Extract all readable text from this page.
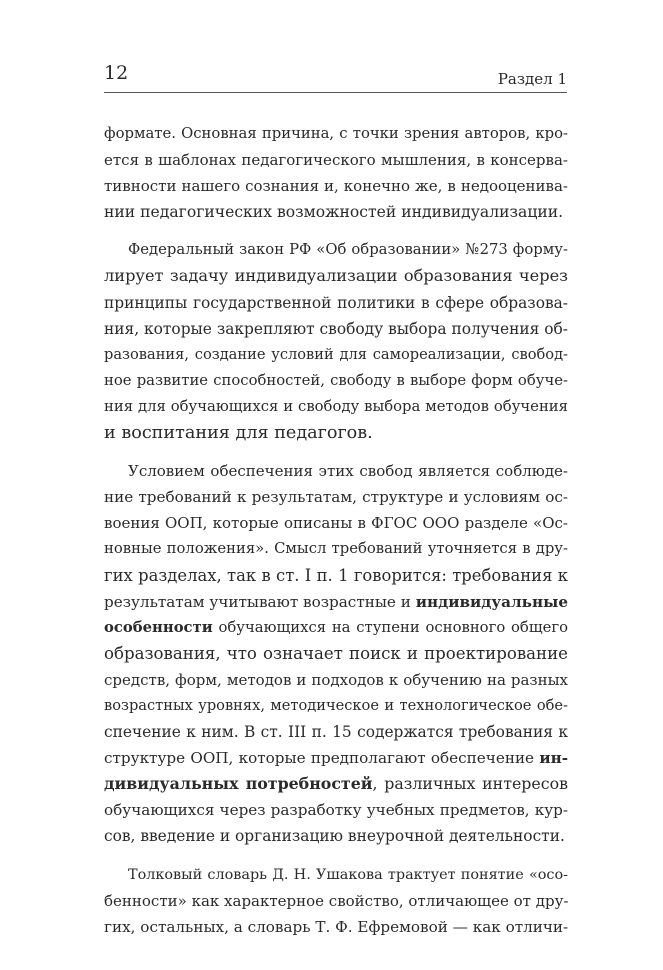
12	Раздел 1
форматe. Основная причина, с точки зрения авторов, кро-
ется в шаблонах педагогического мышления, в консерва-
тивности нашего сознания и, конечно же, в недооценива-
нии педагогических возможностей индивидуализации.
Федеральный закон РФ «Об образовании» №273 форму-
лирует задачу индивидуализации образования через
принципы государственной политики в сфере образова-
ния, которые закрепляют свободу выбора получения об-
разования, создание условий для самореализации, свобод-
ное развитие способностей, свободу в выборе форм обуче-
ния для обучающихся и свободу выбора методов обучения
и воспитания для педагогов.
Условием обеспечения этих свобод является соблюде-
ние требований к результатам, структуре и условиям ос-
воения ООП, которые описаны в ФГОС ООО разделе «Ос-
новные положения». Смысл требований уточняется в дру-
гих разделах, так в ст. I п. 1 говорится: требования к
результатам учитывают возрастные и индивидуальные
особенности обучающихся на ступени основного общего
образования, что означает поиск и проектирование
средств, форм, методов и подходов к обучению на разных
возрастных уровнях, методическое и технологическое обе-
спечение к ним. В ст. III п. 15 содержатся требования к
структуре ООП, которые предполагают обеспечение ин-
дивидуальных потребностей, различных интересов
обучающихся через разработку учебных предметов, кур-
сов, введение и организацию внеурочной деятельности.
Толковый словарь Д. Н. Ушакова трактует понятие «осо-
бенности» как характерное свойство, отличающее от дру-
гих, остальных, а словарь Т. Ф. Ефремовой — как отличи-
